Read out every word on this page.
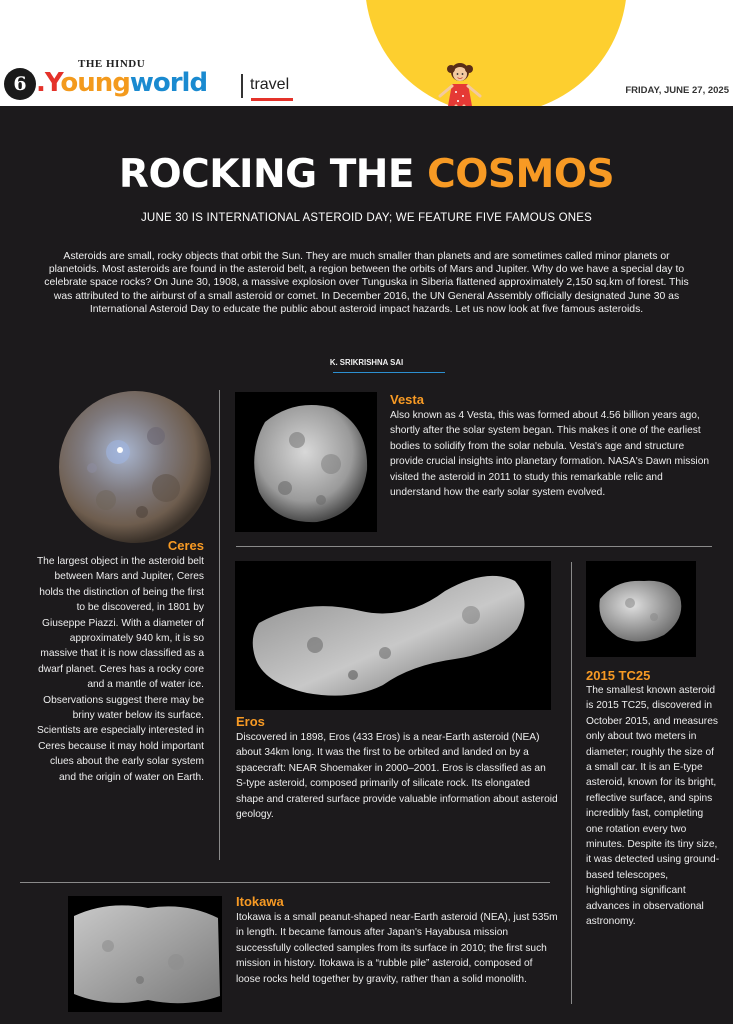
6
THE HINDU
.Youngworld	travel	FRIDAY, JUNE 27, 2025
ROCKING THE COSMOS
JUNE 30 IS INTERNATIONAL ASTEROID DAY; WE FEATURE FIVE FAMOUS ONES
Asteroids are small, rocky objects that orbit the Sun. They are much smaller than planets and are sometimes called minor planets or planetoids. Most asteroids are found in the asteroid belt, a region between the orbits of Mars and Jupiter. Why do we have a special day to celebrate space rocks? On June 30, 1908, a massive explosion over Tunguska in Siberia flattened approximately 2,150 sq.km of forest. This was attributed to the airburst of a small asteroid or comet. In December 2016, the UN General Assembly officially designated June 30 as International Asteroid Day to educate the public about asteroid impact hazards. Let us now look at five famous asteroids.
K. SRIKRISHNA SAI
Ceres
The largest object in the asteroid belt between Mars and Jupiter, Ceres holds the distinction of being the first to be discovered, in 1801 by Giuseppe Piazzi. With a diameter of approximately 940 km, it is so massive that it is now classified as a dwarf planet. Ceres has a rocky core and a mantle of water ice. Observations suggest there may be briny water below its surface. Scientists are especially interested in Ceres because it may hold important clues about the early solar system and the origin of water on Earth.
Vesta
Also known as 4 Vesta, this was formed about 4.56 billion years ago, shortly after the solar system began. This makes it one of the earliest bodies to solidify from the solar nebula. Vesta's age and structure provide crucial insights into planetary formation. NASA's Dawn mission visited the asteroid in 2011 to study this remarkable relic and understand how the early solar system evolved.
Eros
Discovered in 1898, Eros (433 Eros) is a near-Earth asteroid (NEA) about 34km long. It was the first to be orbited and landed on by a spacecraft: NEAR Shoemaker in 2000–2001. Eros is classified as an S-type asteroid, composed primarily of silicate rock. Its elongated shape and cratered surface provide valuable information about asteroid geology.
2015 TC25
The smallest known asteroid is 2015 TC25, discovered in October 2015, and measures only about two meters in diameter; roughly the size of a small car. It is an E-type asteroid, known for its bright, reflective surface, and spins incredibly fast, completing one rotation every two minutes. Despite its tiny size, it was detected using ground-based telescopes, highlighting significant advances in observational astronomy.
Itokawa
Itokawa is a small peanut-shaped near-Earth asteroid (NEA), just 535m in length. It became famous after Japan's Hayabusa mission successfully collected samples from its surface in 2010; the first such mission in history. Itokawa is a “rubble pile” asteroid, composed of loose rocks held together by gravity, rather than a solid monolith.
